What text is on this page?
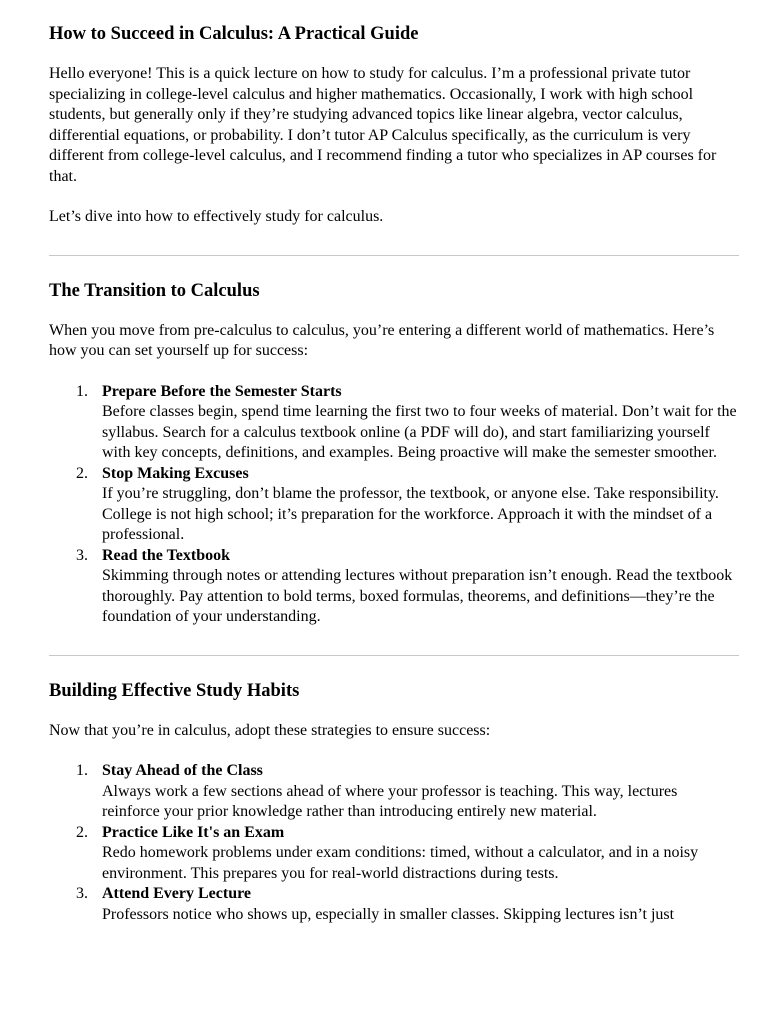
How to Succeed in Calculus: A Practical Guide

Hello everyone! This is a quick lecture on how to study for calculus. I’m a professional private tutor specializing in college-level calculus and higher mathematics. Occasionally, I work with high school students, but generally only if they’re studying advanced topics like linear algebra, vector calculus, differential equations, or probability. I don’t tutor AP Calculus specifically, as the curriculum is very different from college-level calculus, and I recommend finding a tutor who specializes in AP courses for that.

Let’s dive into how to effectively study for calculus.

The Transition to Calculus

When you move from pre-calculus to calculus, you’re entering a different world of mathematics. Here’s how you can set yourself up for success:

1. Prepare Before the Semester Starts
Before classes begin, spend time learning the first two to four weeks of material. Don’t wait for the syllabus. Search for a calculus textbook online (a PDF will do), and start familiarizing yourself with key concepts, definitions, and examples. Being proactive will make the semester smoother.
2. Stop Making Excuses
If you’re struggling, don’t blame the professor, the textbook, or anyone else. Take responsibility. College is not high school; it’s preparation for the workforce. Approach it with the mindset of a professional.
3. Read the Textbook
Skimming through notes or attending lectures without preparation isn’t enough. Read the textbook thoroughly. Pay attention to bold terms, boxed formulas, theorems, and definitions—they’re the foundation of your understanding.
Building Effective Study Habits

Now that you’re in calculus, adopt these strategies to ensure success:

1. Stay Ahead of the Class
Always work a few sections ahead of where your professor is teaching. This way, lectures reinforce your prior knowledge rather than introducing entirely new material.
2. Practice Like It's an Exam
Redo homework problems under exam conditions: timed, without a calculator, and in a noisy environment. This prepares you for real-world distractions during tests.
3. Attend Every Lecture
Professors notice who shows up, especially in smaller classes. Skipping lectures isn’t just
